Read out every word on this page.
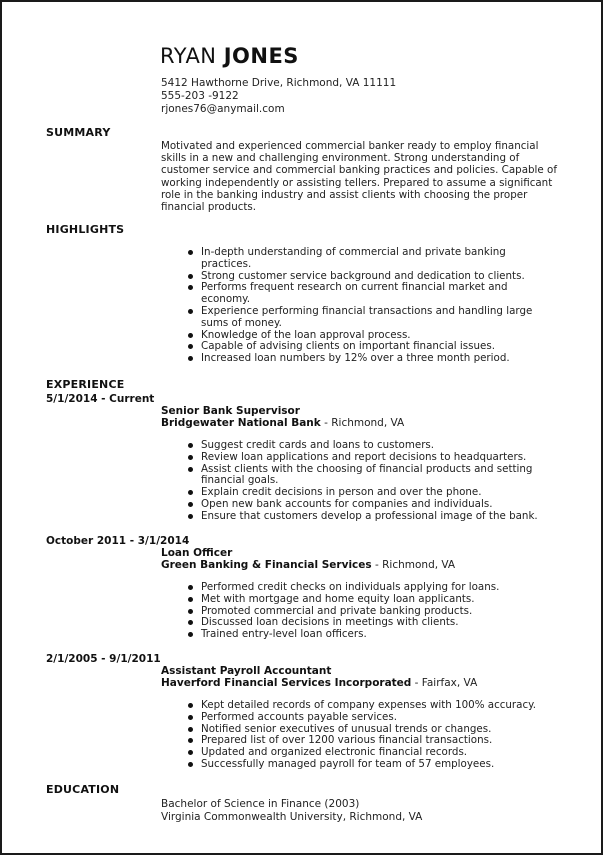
RYAN JONES
5412 Hawthorne Drive, Richmond, VA 11111
555-203 -9122
rjones76@anymail.com
SUMMARY
Motivated and experienced commercial banker ready to employ financial skills in a new and challenging environment. Strong understanding of customer service and commercial banking practices and policies. Capable of working independently or assisting tellers. Prepared to assume a significant role in the banking industry and assist clients with choosing the proper financial products.
HIGHLIGHTS
In-depth understanding of commercial and private banking practices.
Strong customer service background and dedication to clients.
Performs frequent research on current financial market and economy.
Experience performing financial transactions and handling large sums of money.
Knowledge of the loan approval process.
Capable of advising clients on important financial issues.
Increased loan numbers by 12% over a three month period.
EXPERIENCE
5/1/2014 - Current
Senior Bank Supervisor
Bridgewater National Bank - Richmond, VA
Suggest credit cards and loans to customers.
Review loan applications and report decisions to headquarters.
Assist clients with the choosing of financial products and setting financial goals.
Explain credit decisions in person and over the phone.
Open new bank accounts for companies and individuals.
Ensure that customers develop a professional image of the bank.
October 2011 - 3/1/2014
Loan Officer
Green Banking & Financial Services - Richmond, VA
Performed credit checks on individuals applying for loans.
Met with mortgage and home equity loan applicants.
Promoted commercial and private banking products.
Discussed loan decisions in meetings with clients.
Trained entry-level loan officers.
2/1/2005 - 9/1/2011
Assistant Payroll Accountant
Haverford Financial Services Incorporated - Fairfax, VA
Kept detailed records of company expenses with 100% accuracy.
Performed accounts payable services.
Notified senior executives of unusual trends or changes.
Prepared list of over 1200 various financial transactions.
Updated and organized electronic financial records.
Successfully managed payroll for team of 57 employees.
EDUCATION
Bachelor of Science in Finance (2003)
Virginia Commonwealth University, Richmond, VA
